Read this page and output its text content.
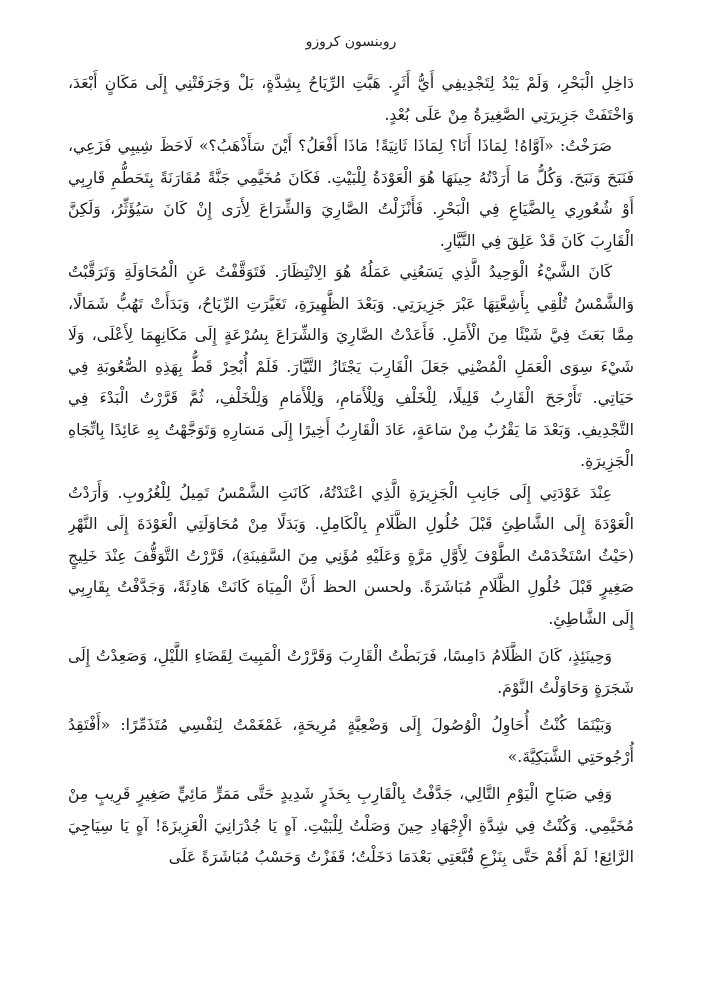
روبنسون كروزو

دَاخِلِ الْبَحْرِ، وَلَمْ يَبْدُ لِتَجْدِيفِي أَيُّ أَثَرٍ. هَبَّتِ الرِّيَاحُ بِشِدَّةٍ، بَلْ وَجَرَفَتْنِي إِلَى مَكَانٍ أَبْعَدَ، وَاخْتَفَتْ جَزِيرَتِي الصَّغِيرَةُ مِنْ عَلَى بُعْدٍ.

صَرَخْتُ: «آوَّاهُ! لِمَاذَا أَنَا؟ لِمَاذَا ثَانِيَةً! مَاذَا أَفْعَلُ؟ أَيْنَ سَأَذْهَبُ؟» لَاحَظَ شِيبِي فَزَعِي، فَنَبَحَ وَنَبَحَ. وَكُلُّ مَا أَرَدْتُهُ حِينَهَا هُوَ الْعَوْدَةُ لِلْبَيْتِ. فَكَانَ مُخَيَّمِي جَنَّةً مُقَارَنَةً بِتَحَطُّمِ قَارِبِي أَوْ شُعُورِي بِالضَّيَاعِ فِي الْبَحْرِ. فَأَنْزَلْتُ الصَّارِيَ وَالشِّرَاعَ لِأَرَى إِنْ كَانَ سَيُؤَثِّرُ، وَلَكِنَّ الْقَارِبَ كَانَ قَدْ عَلِقَ فِي التَّيَّارِ.

كَانَ الشَّيْءُ الْوَحِيدُ الَّذِي يَسَعُنِي عَمَلُهُ هُوَ الِانْتِظَارَ. فَتَوَقَّفْتُ عَنِ الْمُحَاوَلَةِ وَتَرَقَّبْتُ وَالشَّمْسُ تُلْقِي بِأَشِعَّتِهَا عَبْرَ جَزِيرَتِي. وَبَعْدَ الظَّهِيرَةِ، تَغَيَّرَتِ الرِّيَاحُ، وَبَدَأَتْ تَهُبُّ شَمَالًا، مِمَّا بَعَثَ فِيَّ شَيْئًا مِنَ الْأَمَلِ. فَأَعَدْتُ الصَّارِيَ وَالشِّرَاعَ بِسُرْعَةٍ إِلَى مَكَانِهِمَا لِأَعْلَى، وَلَا شَيْءَ سِوَى الْعَمَلِ الْمُضْنِي جَعَلَ الْقَارِبَ يَجْتَازُ التَّيَّارَ. فَلَمْ أُبْحِرْ قَطُّ بِهَذِهِ الصُّعُوبَةِ فِي حَيَاتِي. تَأَرْجَحَ الْقَارِبُ قَلِيلًا، لِلْخَلْفِ وَلِلْأَمَامِ، وَلِلْأَمَامِ وَلِلْخَلْفِ، ثُمَّ قَرَّرْتُ الْبَدْءَ فِي التَّجْدِيفِ. وَبَعْدَ مَا يَقْرُبُ مِنْ سَاعَةٍ، عَادَ الْقَارِبُ أَخِيرًا إِلَى مَسَارِهِ وَتَوَجَّهْتُ بِهِ عَائِدًا بِاتِّجَاهِ الْجَزِيرَةِ.

عِنْدَ عَوْدَتِي إِلَى جَانِبِ الْجَزِيرَةِ الَّذِي اعْتَدْتُهُ، كَانَتِ الشَّمْسُ تَمِيلُ لِلْغُرُوبِ. وَأَرَدْتُ الْعَوْدَةَ إِلَى الشَّاطِئِ قَبْلَ حُلُولِ الظَّلَامِ بِالْكَامِلِ. وَبَدَلًا مِنْ مُحَاوَلَتِي الْعَوْدَةَ إِلَى النَّهْرِ (حَيْثُ اسْتَخْدَمْتُ الطَّوْفَ لِأَوَّلِ مَرَّةٍ وَعَلَيْهِ مُؤَنِي مِنَ السَّفِينَةِ)، قَرَّرْتُ التَّوَقُّفَ عِنْدَ خَلِيجٍ صَغِيرٍ قَبْلَ حُلُولِ الظَّلَامِ مُبَاشَرَةً. ولحسن الحظ أَنَّ الْمِيَاهَ كَانَتْ هَادِئَةً، وَجَدَّفْتُ بِقَارِبِي إِلَى الشَّاطِئِ.

وَحِينَئِذٍ، كَانَ الظَّلَامُ دَامِسًا، فَرَبَطْتُ الْقَارِبَ وَقَرَّرْتُ الْمَبِيتَ لِقَضَاءِ اللَّيْلِ، وَصَعِدْتُ إِلَى شَجَرَةٍ وَحَاوَلْتُ النَّوْمَ.

وَبَيْنَمَا كُنْتُ أُحَاوِلُ الْوُصُولَ إِلَى وَضْعِيَّةٍ مُرِيحَةٍ، غَمْغَمْتُ لِنَفْسِي مُتَذَمِّرًا: «أَفْتَقِدُ أُرْجُوحَتِي الشَّبَكِيَّةَ.»

وَفِي صَبَاحِ الْيَوْمِ التَّالِي، جَدَّفْتُ بِالْقَارِبِ بِحَذَرٍ شَدِيدٍ حَتَّى مَمَرٍّ مَائِيٍّ صَغِيرٍ قَرِيبٍ مِنْ مُخَيَّمِي. وَكُنْتُ فِي شِدَّةِ الْإِجْهَادِ حِينَ وَصَلْتُ لِلْبَيْتِ. آهٍ يَا جُدْرَانِيَ الْعَزِيزَةَ! آهٍ يَا سِيَاجِيَ الرَّائِعَ! لَمْ أَقُمْ حَتَّى بِنَزْعِ قُبَّعَتِي بَعْدَمَا دَخَلْتُ؛ قَفَزْتُ وَحَسْبُ مُبَاشَرَةً عَلَى
